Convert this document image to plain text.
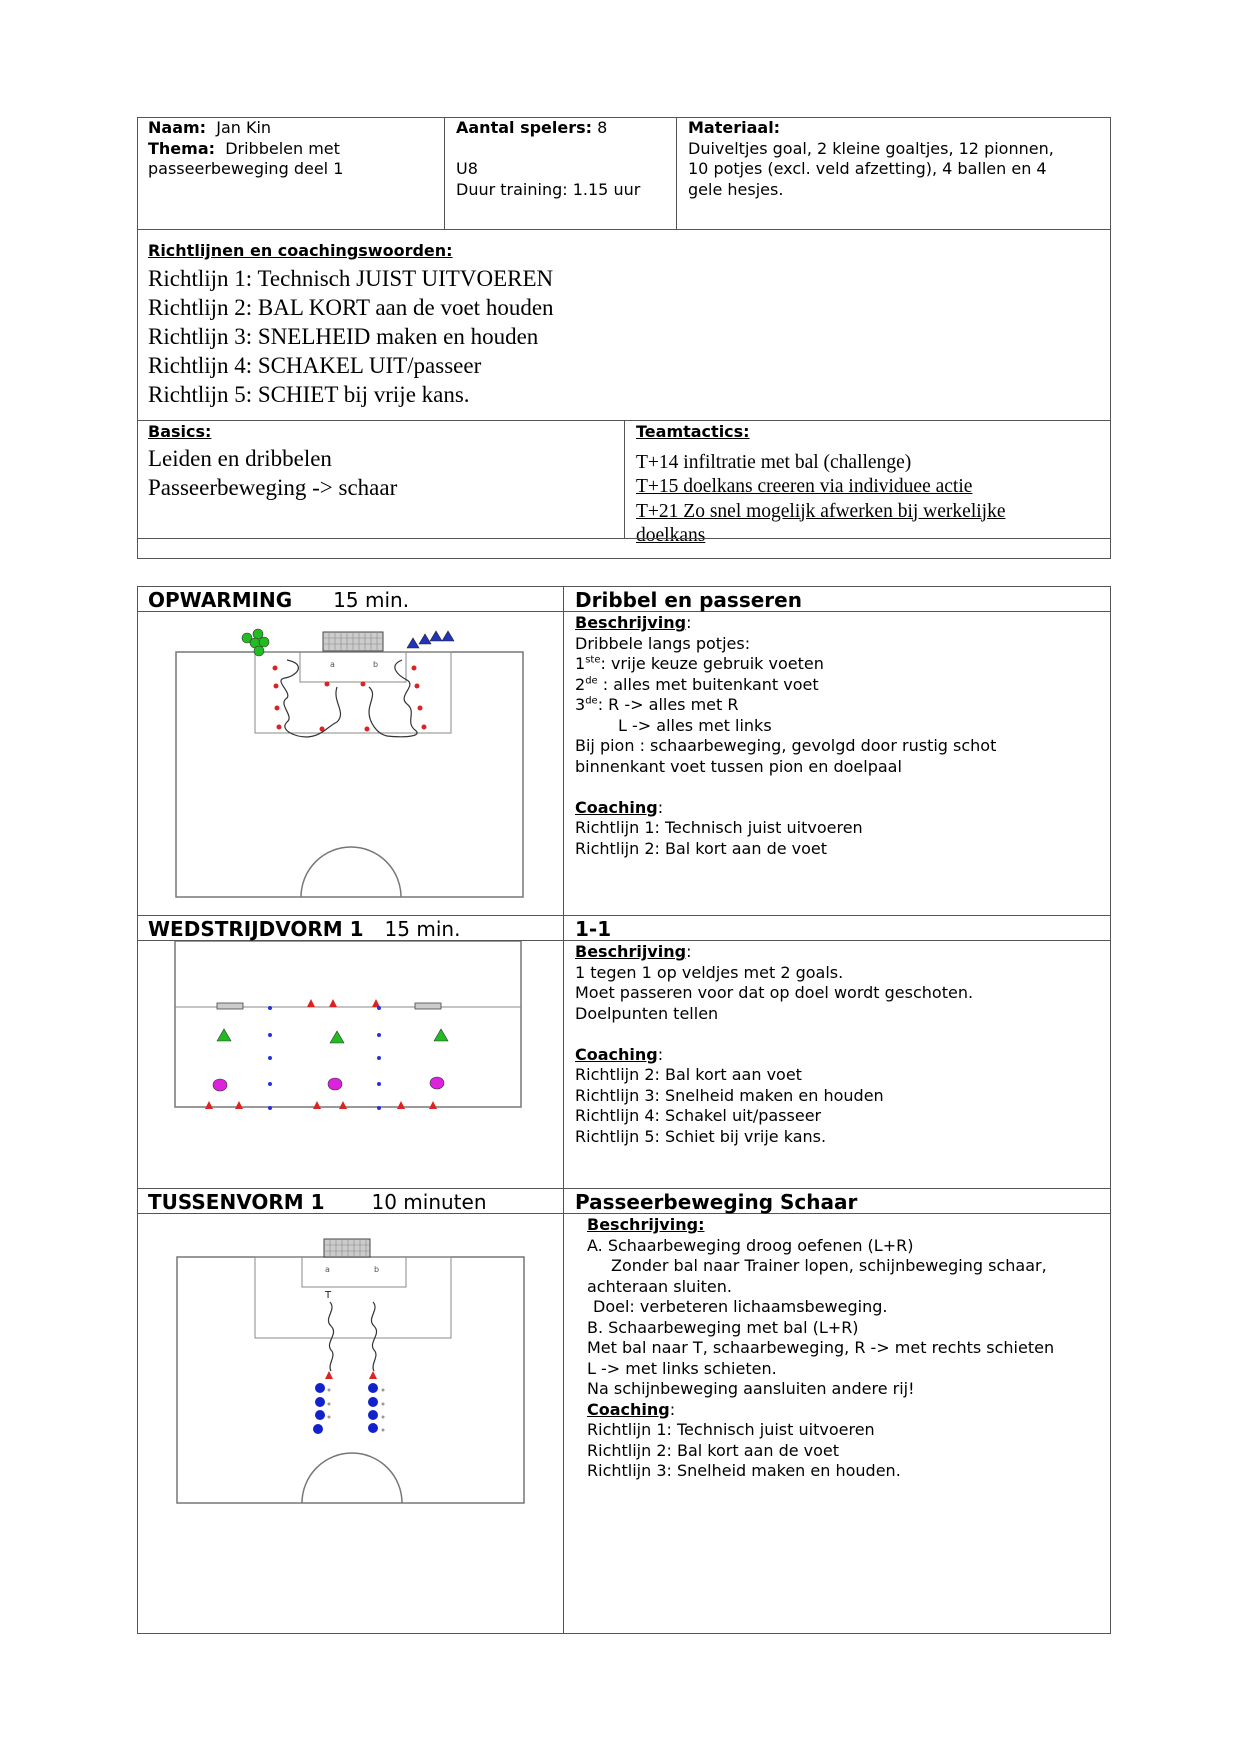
Naam: Jan Kin
Thema: Dribbelen met
passeerbeweging deel 1
Aantal spelers: 8

U8
Duur training: 1.15 uur
Materiaal:
Duiveltjes goal, 2 kleine goaltjes, 12 pionnen,
10 potjes (excl. veld afzetting), 4 ballen en 4
gele hesjes.
Richtlijnen en coachingswoorden:
Richtlijn 1: Technisch JUIST UITVOEREN
Richtlijn 2: BAL KORT aan de voet houden
Richtlijn 3: SNELHEID maken en houden
Richtlijn 4: SCHAKEL UIT/passeer
Richtlijn 5: SCHIET bij vrije kans.
Basics:
Leiden en dribbelen
Passeerbeweging -> schaar
Teamtactics:
T+14 infiltratie met bal (challenge)
T+15 doelkans creeren via individuee actie
T+21 Zo snel mogelijk afwerken bij werkelijke
doelkans
OPWARMING 15 min.	Dribbel en passeren
a	b
Beschrijving:
Dribbele langs potjes:
1ste: vrije keuze gebruik voeten
2de : alles met buitenkant voet
3de: R -> alles met R
L -> alles met links
Bij pion : schaarbeweging, gevolgd door rustig schot
binnenkant voet tussen pion en doelpaal

Coaching:
Richtlijn 1: Technisch juist uitvoeren
Richtlijn 2: Bal kort aan de voet
WEDSTRIJDVORM 1 15 min.	1-1
Beschrijving:
1 tegen 1 op veldjes met 2 goals.
Moet passeren voor dat op doel wordt geschoten.
Doelpunten tellen

Coaching:
Richtlijn 2: Bal kort aan voet
Richtlijn 3: Snelheid maken en houden
Richtlijn 4: Schakel uit/passeer
Richtlijn 5: Schiet bij vrije kans.
TUSSENVORM 1 10 minuten	Passeerbeweging Schaar
a	b
T
Beschrijving:
A. Schaarbeweging droog oefenen (L+R)
Zonder bal naar Trainer lopen, schijnbeweging schaar,
achteraan sluiten.
Doel: verbeteren lichaamsbeweging.
B. Schaarbeweging met bal (L+R)
Met bal naar T, schaarbeweging, R -> met rechts schieten
L -> met links schieten.
Na schijnbeweging aansluiten andere rij!
Coaching:
Richtlijn 1: Technisch juist uitvoeren
Richtlijn 2: Bal kort aan de voet
Richtlijn 3: Snelheid maken en houden.
